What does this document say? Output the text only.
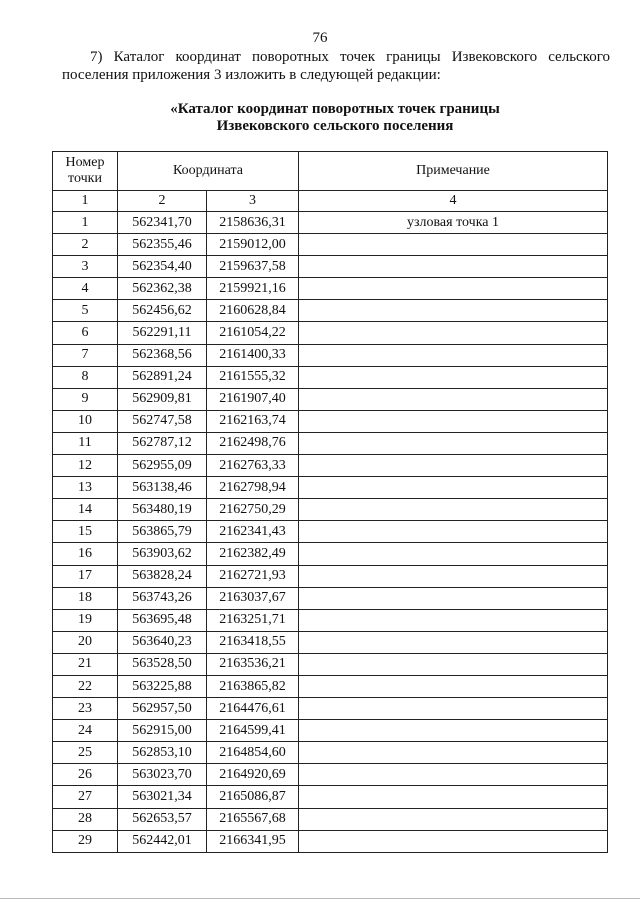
76
7) Каталог координат поворотных точек границы Извековского сельского
поселения приложения 3 изложить в следующей редакции:
«Каталог координат поворотных точек границы
Извековского сельского поселения
Номер
точки	Координата		Примечание
1	2	3	4
1	562341,70	2158636,31	узловая точка 1
2	562355,46	2159012,00	
3	562354,40	2159637,58	
4	562362,38	2159921,16	
5	562456,62	2160628,84	
6	562291,11	2161054,22	
7	562368,56	2161400,33	
8	562891,24	2161555,32	
9	562909,81	2161907,40	
10	562747,58	2162163,74	
11	562787,12	2162498,76	
12	562955,09	2162763,33	
13	563138,46	2162798,94	
14	563480,19	2162750,29	
15	563865,79	2162341,43	
16	563903,62	2162382,49	
17	563828,24	2162721,93	
18	563743,26	2163037,67	
19	563695,48	2163251,71	
20	563640,23	2163418,55	
21	563528,50	2163536,21	
22	563225,88	2163865,82	
23	562957,50	2164476,61	
24	562915,00	2164599,41	
25	562853,10	2164854,60	
26	563023,70	2164920,69	
27	563021,34	2165086,87	
28	562653,57	2165567,68	
29	562442,01	2166341,95	
